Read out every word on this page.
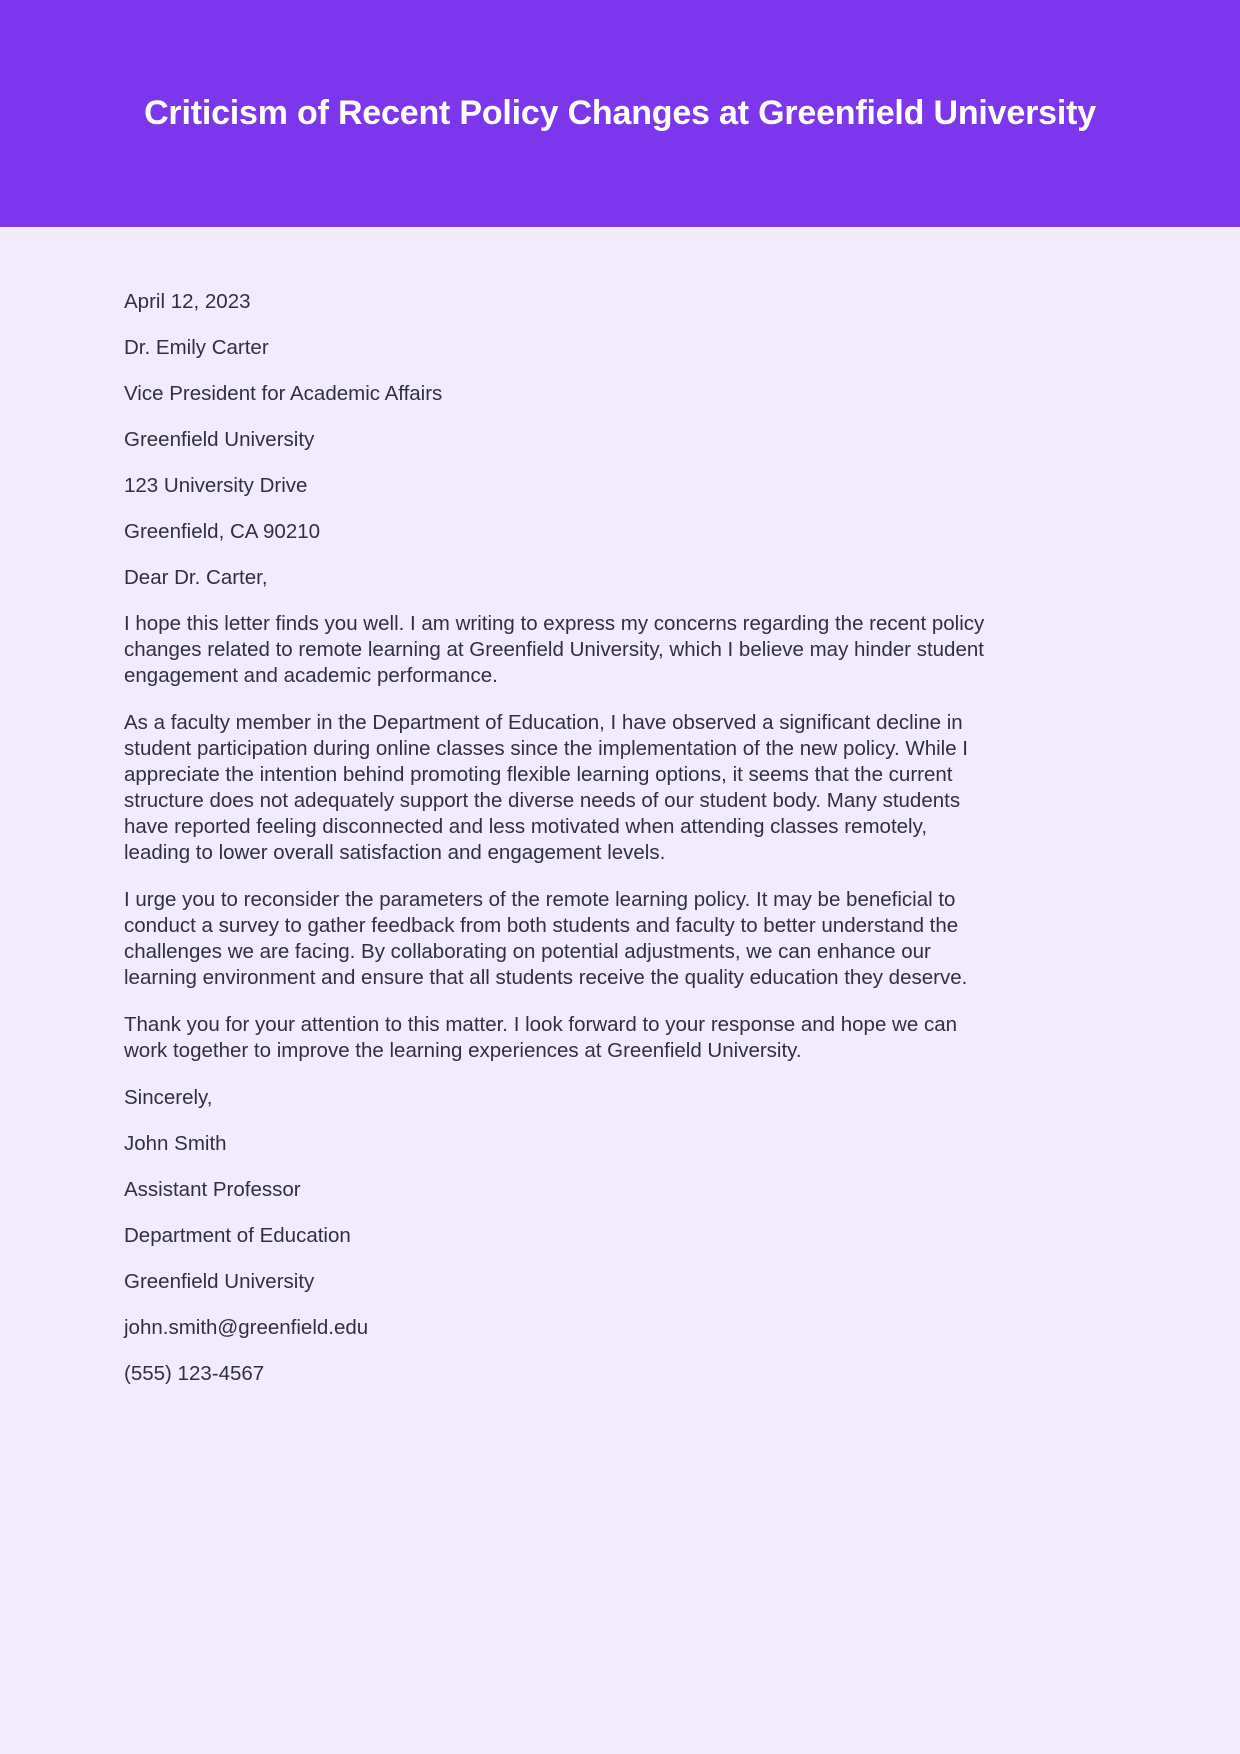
Criticism of Recent Policy Changes at Greenfield University

April 12, 2023

Dr. Emily Carter

Vice President for Academic Affairs

Greenfield University

123 University Drive

Greenfield, CA 90210

Dear Dr. Carter,

I hope this letter finds you well. I am writing to express my concerns regarding the recent policy changes related to remote learning at Greenfield University, which I believe may hinder student engagement and academic performance.

As a faculty member in the Department of Education, I have observed a significant decline in student participation during online classes since the implementation of the new policy. While I appreciate the intention behind promoting flexible learning options, it seems that the current structure does not adequately support the diverse needs of our student body. Many students have reported feeling disconnected and less motivated when attending classes remotely, leading to lower overall satisfaction and engagement levels.

I urge you to reconsider the parameters of the remote learning policy. It may be beneficial to conduct a survey to gather feedback from both students and faculty to better understand the challenges we are facing. By collaborating on potential adjustments, we can enhance our learning environment and ensure that all students receive the quality education they deserve.

Thank you for your attention to this matter. I look forward to your response and hope we can work together to improve the learning experiences at Greenfield University.

Sincerely,

John Smith

Assistant Professor

Department of Education

Greenfield University

john.smith@greenfield.edu

(555) 123-4567
